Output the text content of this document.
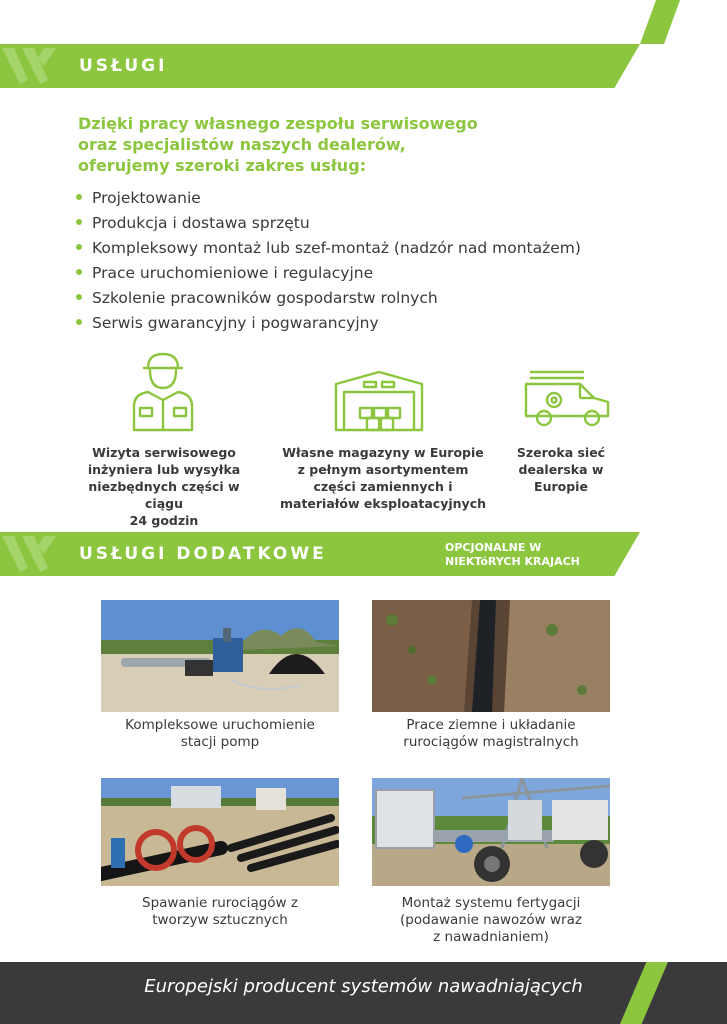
USŁUGI
Dzięki pracy własnego zespołu serwisowego
oraz specjalistów naszych dealerów,
oferujemy szeroki zakres usług:
Projektowanie
Produkcja i dostawa sprzętu
Kompleksowy montaż lub szef-montaż (nadzór nad montażem)
Prace uruchomieniowe i regulacyjne
Szkolenie pracowników gospodarstw rolnych
Serwis gwarancyjny i pogwarancyjny
Wizyta serwisowego
inżyniera lub wysyłka
niezbędnych części w ciągu
24 godzin
Własne magazyny w Europie
z pełnym asortymentem
części zamiennych i
materiałów eksploatacyjnych
Szeroka sieć
dealerska w
Europie
USŁUGI DODATKOWE	OPCJONALNE W
NIEKTóRYCH KRAJACH
Kompleksowe uruchomienie
stacji pomp
Prace ziemne i układanie
rurociągów magistralnych
Spawanie rurociągów z
tworzyw sztucznych
Montaż systemu fertygacji
(podawanie nawozów wraz
z nawadnianiem)
Europejski producent systemów nawadniających
